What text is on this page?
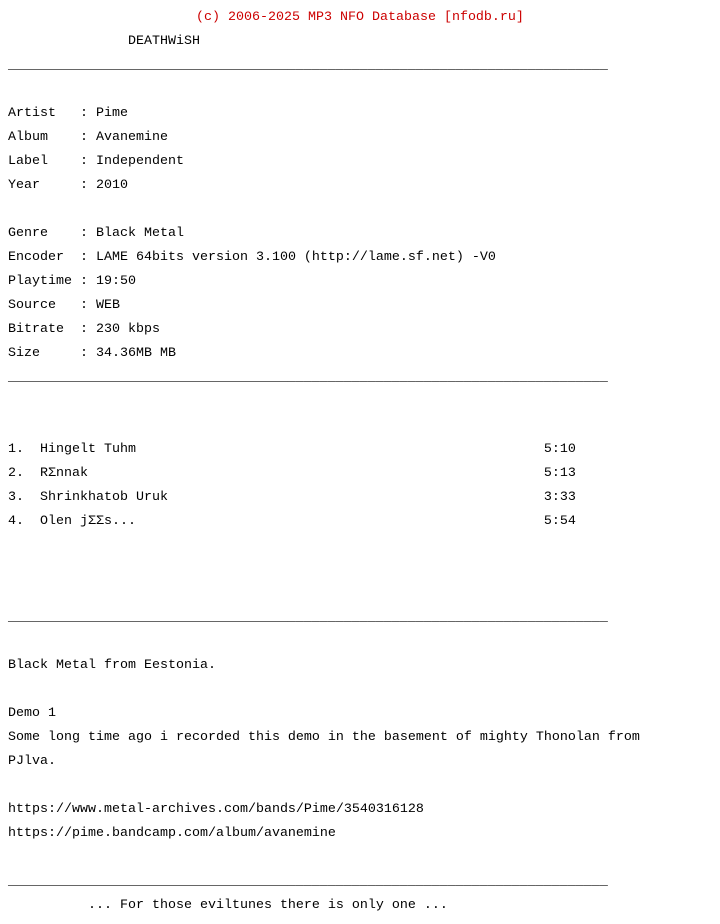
(c) 2006-2025 MP3 NFO Database [nfodb.ru]

DEATHWiSH

___________________________________________________________________________

Artist   : Pime

Album    : Avanemine

Label    : Independent

Year     : 2010

Genre    : Black Metal

Encoder  : LAME 64bits version 3.100 (http://lame.sf.net) -V0

Playtime : 19:50

Source   : WEB

Bitrate  : 230 kbps

Size     : 34.36MB MB

___________________________________________________________________________

1.  Hingelt Tuhm                                                   5:10

2.  RΣnnak                                                         5:13

3.  Shrinkhatob Uruk                                               3:33

4.  Olen jΣΣs...                                                   5:54

___________________________________________________________________________

Black Metal from Eestonia.

Demo 1

Some long time ago i recorded this demo in the basement of mighty Thonolan from

PЈlva.

https://www.metal-archives.com/bands/Pime/3540316128

https://pime.bandcamp.com/album/avanemine

___________________________________________________________________________

... For those eviltunes there is only one ...
